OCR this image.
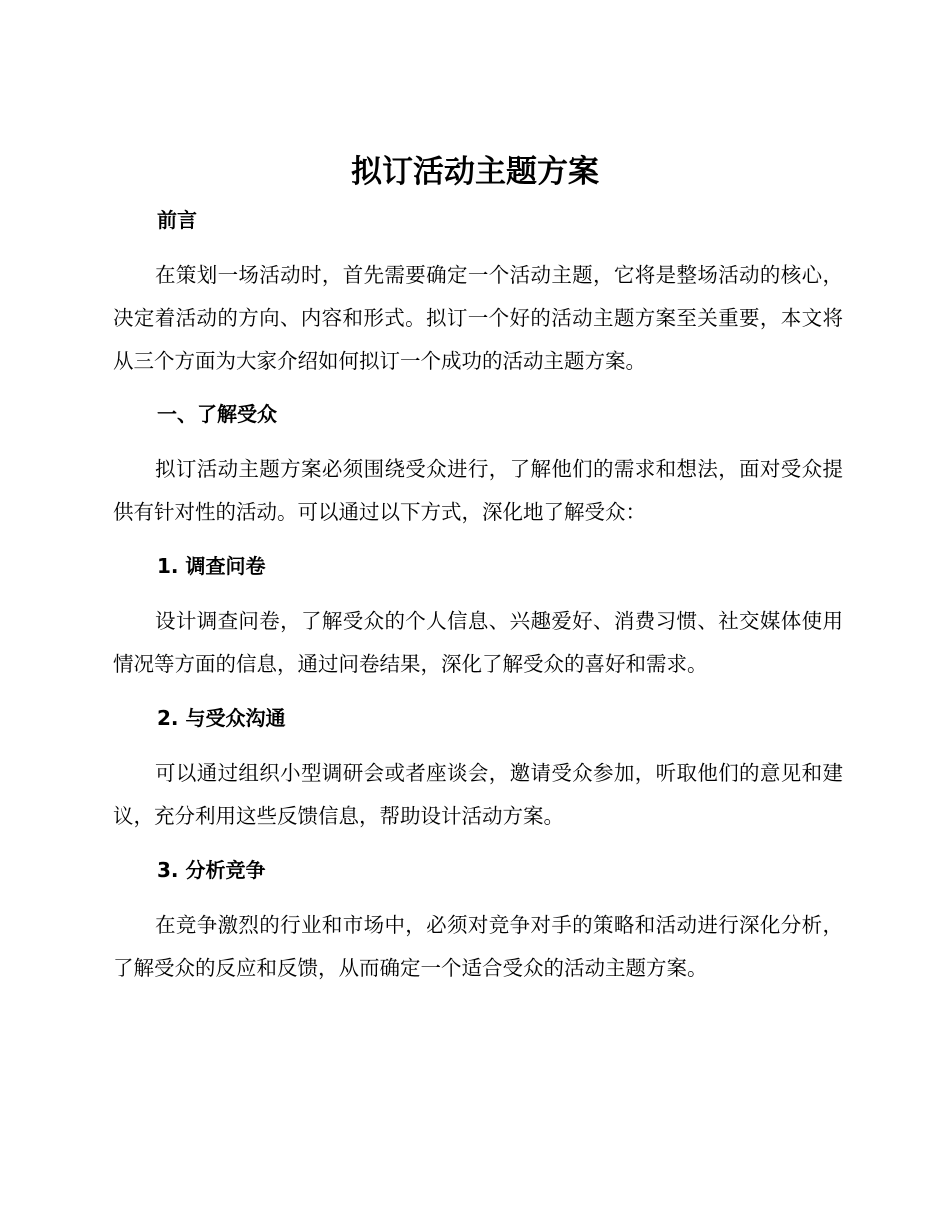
拟订活动主题方案
前言

在策划一场活动时，首先需要确定一个活动主题，它将是整场活动的核心，决定着活动的方向、内容和形式。拟订一个好的活动主题方案至关重要，本文将从三个方面为大家介绍如何拟订一个成功的活动主题方案。

一、了解受众

拟订活动主题方案必须围绕受众进行，了解他们的需求和想法，面对受众提供有针对性的活动。可以通过以下方式，深化地了解受众：

1. 调查问卷

设计调查问卷，了解受众的个人信息、兴趣爱好、消费习惯、社交媒体使用情况等方面的信息，通过问卷结果，深化了解受众的喜好和需求。

2. 与受众沟通

可以通过组织小型调研会或者座谈会，邀请受众参加，听取他们的意见和建议，充分利用这些反馈信息，帮助设计活动方案。

3. 分析竞争

在竞争激烈的行业和市场中，必须对竞争对手的策略和活动进行深化分析，了解受众的反应和反馈，从而确定一个适合受众的活动主题方案。
